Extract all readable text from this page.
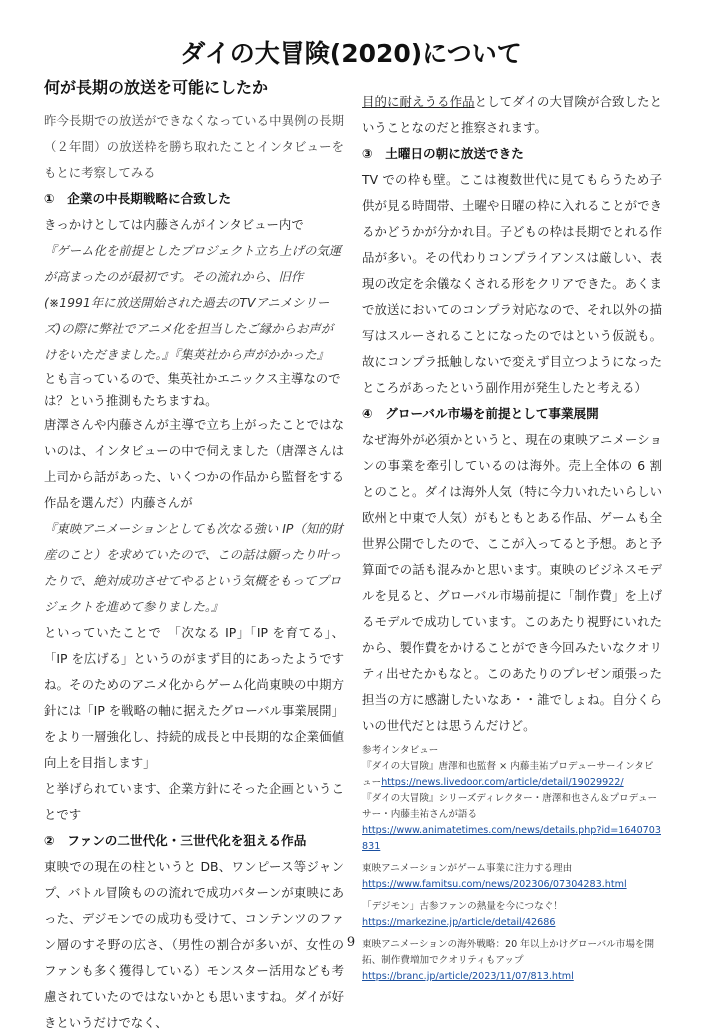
ダイの大冒険(2020)について
何が長期の放送を可能にしたか

昨今長期での放送ができなくなっている中異例の長期（２年間）の放送枠を勝ち取れたことインタビューをもとに考察してみる

①　企業の中長期戦略に合致した

きっかけとしては内藤さんがインタビュー内で

『ゲーム化を前提としたプロジェクト立ち上げの気運が高まったのが最初です。その流れから、旧作(※1991年に放送開始された過去のTVアニメシリーズ)の際に弊社でアニメ化を担当したご縁からお声がけをいただきました。』『集英社から声がかかった』

とも言っているので、集英社かエニックス主導なのでは？という推測もたちますね。

唐澤さんや内藤さんが主導で立ち上がったことではないのは、インタビューの中で伺えました（唐澤さんは上司から話があった、いくつかの作品から監督をする作品を選んだ）内藤さんが

『東映アニメーションとしても次なる強い IP（知的財産のこと）を求めていたので、この話は願ったり叶ったりで、絶対成功させてやるという気概をもってプロジェクトを進めて参りました。』

といっていたことで　「次なる IP」「IP を育てる」、「IP を広げる」というのがまず目的にあったようですね。そのためのアニメ化からゲーム化尚東映の中期方針には「IP を戦略の軸に据えたグローバル事業展開」をより一層強化し、持続的成長と中長期的な企業価値向上を目指します」

と挙げられています、企業方針にそった企画ということです

②　ファンの二世代化・三世代化を狙える作品

東映での現在の柱というと DB、ワンピース等ジャンプ、バトル冒険ものの流れで成功パターンが東映にあった、デジモンでの成功も受けて、コンテンツのファン層のすそ野の広さ、（男性の割合が多いが、女性のファンも多く獲得している）モンスター活用なども考慮されていたのではないかとも思いますね。ダイが好きというだけでなく、

目的に耐えうる作品としてダイの大冒険が合致したということなのだと推察されます。

③　土曜日の朝に放送できた

TV での枠も壁。ここは複数世代に見てもらうため子供が見る時間帯、土曜や日曜の枠に入れることができるかどうかが分かれ目。子どもの枠は長期でとれる作品が多い。その代わりコンプライアンスは厳しい、表現の改定を余儀なくされる形をクリアできた。あくまで放送においてのコンプラ対応なので、それ以外の描写はスルーされることになったのではという仮説も。故にコンプラ抵触しないで変えず目立つようになったところがあったという副作用が発生したと考える）

④　グローバル市場を前提として事業展開

なぜ海外が必須かというと、現在の東映アニメーションの事業を牽引しているのは海外。売上全体の 6 割とのこと。ダイは海外人気（特に今力いれたいらしい欧州と中東で人気）がもともとある作品、ゲームも全世界公開でしたので、ここが入ってると予想。あと予算面での話も混みかと思います。東映のビジネスモデルを見ると、グローバル市場前提に「制作費」を上げるモデルで成功しています。このあたり視野にいれたから、製作費をかけることができ今回みたいなクオリティ出せたかもなと。このあたりのプレゼン頑張った担当の方に感謝したいなあ・・誰でしょね。自分くらいの世代だとは思うんだけど。

参考インタビュー

『ダイの大冒険』唐澤和也監督 × 内藤圭祐プロデューサーインタビューhttps://news.livedoor.com/article/detail/19029922/

『ダイの大冒険』シリーズディレクター・唐澤和也さん＆プロデューサー・内藤圭祐さんが語る

https://www.animatetimes.com/news/details.php?id=1640703831

東映アニメーションがゲーム事業に注力する理由

https://www.famitsu.com/news/202306/07304283.html

「デジモン」古参ファンの熱量を今につなぐ！

https://markezine.jp/article/detail/42686

東映アニメーションの海外戦略：20 年以上かけグローバル市場を開拓、制作費増加でクオリティもアップ

https://branc.jp/article/2023/11/07/813.html

9
